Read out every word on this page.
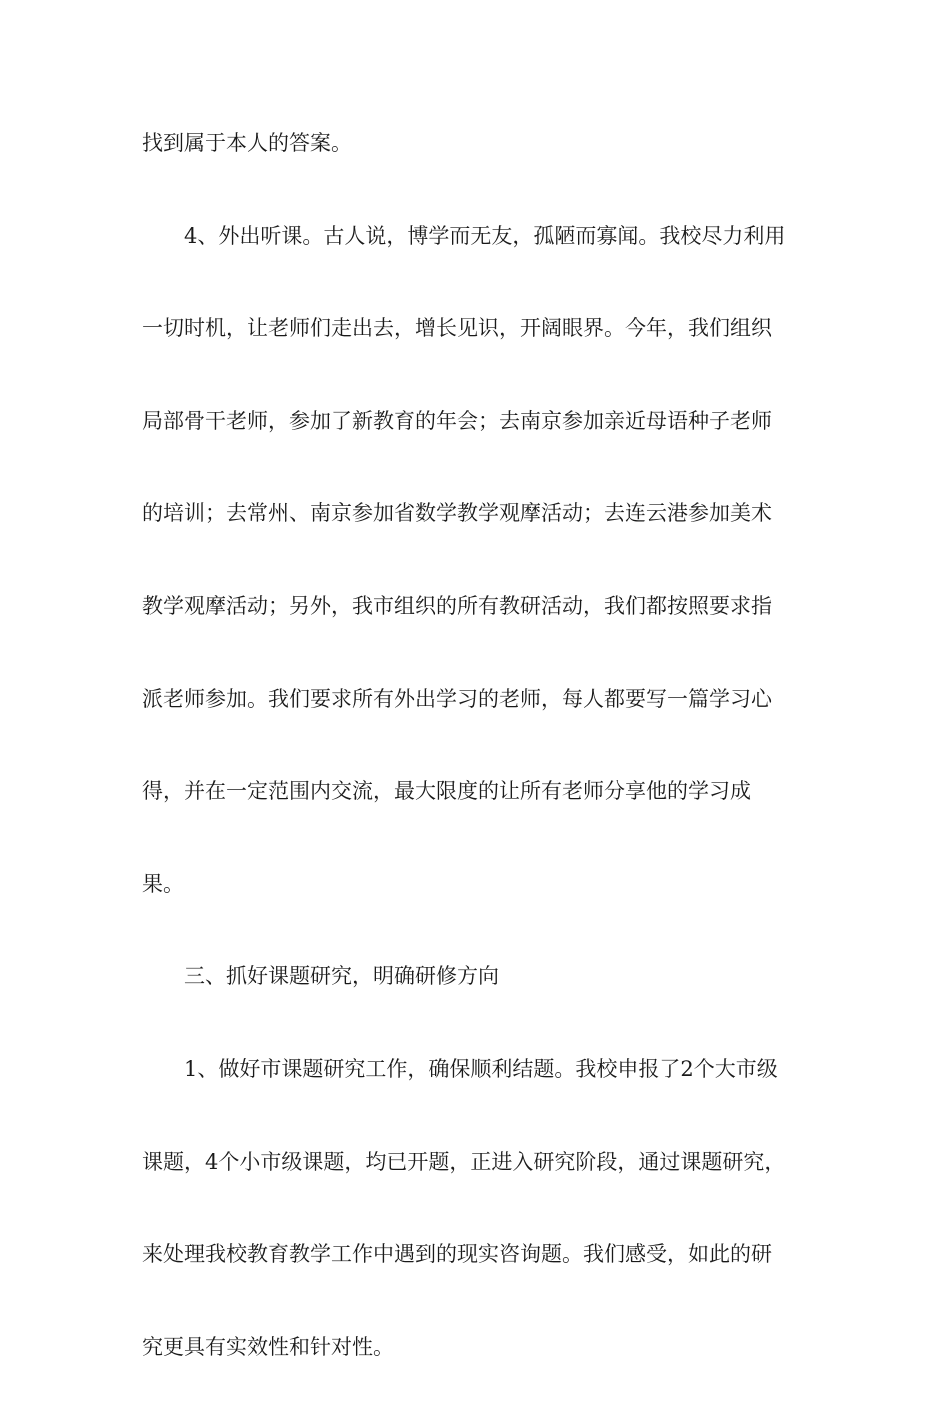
找到属于本人的答案。
4、外出听课。古人说，博学而无友，孤陋而寡闻。我校尽力利用
一切时机，让老师们走出去，增长见识，开阔眼界。今年，我们组织
局部骨干老师，参加了新教育的年会；去南京参加亲近母语种子老师
的培训；去常州、南京参加省数学教学观摩活动；去连云港参加美术
教学观摩活动；另外，我市组织的所有教研活动，我们都按照要求指
派老师参加。我们要求所有外出学习的老师，每人都要写一篇学习心
得，并在一定范围内交流，最大限度的让所有老师分享他的学习成
果。
三、抓好课题研究，明确研修方向
1、做好市课题研究工作，确保顺利结题。我校申报了2个大市级
课题，4个小市级课题，均已开题，正进入研究阶段，通过课题研究，
来处理我校教育教学工作中遇到的现实咨询题。我们感受，如此的研
究更具有实效性和针对性。
